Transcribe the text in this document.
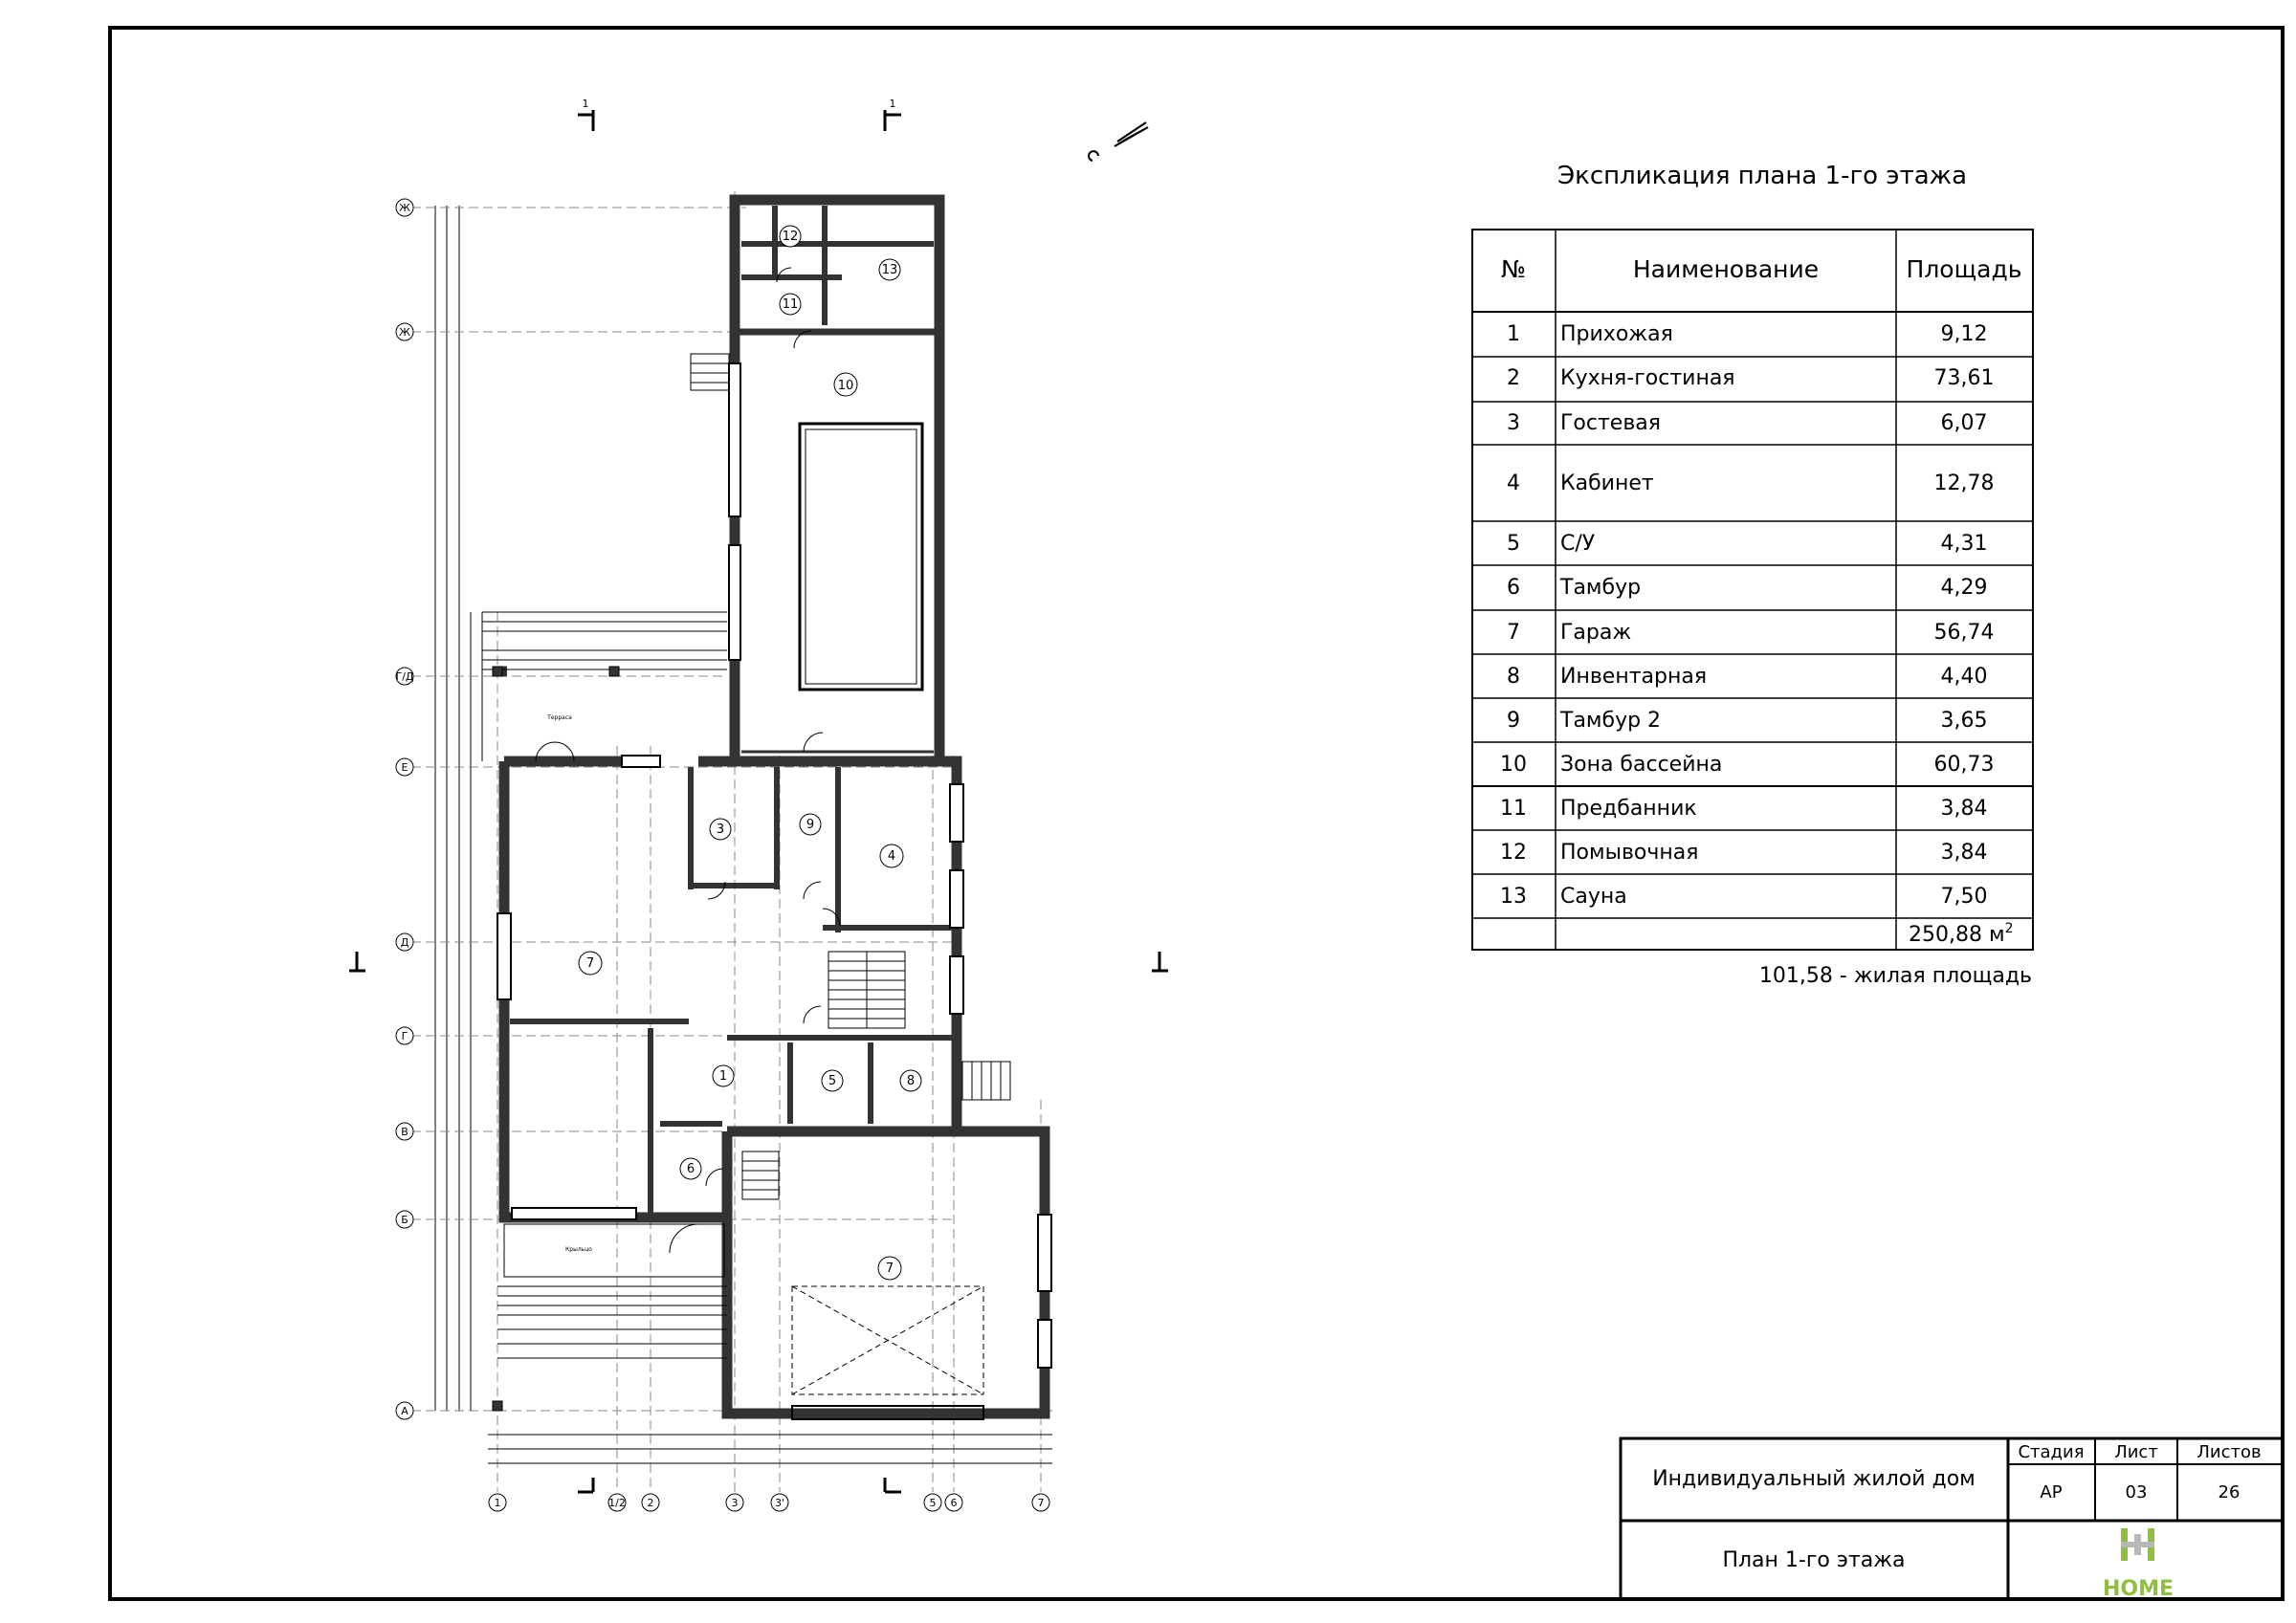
12
13
11
10
3	9
4
7
1	5	8
6
7
Терраса
Крыльцо
Ж
Ж
Г/Д
Е
Д
Г
В
Б
А
1	1/2 2	3	3'	5 6	7
1	1
Экспликация плана 1-го этажа
№	Наименование	Площадь
1 Прихожая	9,12
2 Кухня-гостиная	73,61
3 Гостевая	6,07
4 Кабинет	12,78
5 С/У	4,31
6 Тамбур	4,29
7 Гараж	56,74
8 Инвентарная	4,40
9 Тамбур 2	3,65
10 Зона бассейна	60,73
11 Предбанник	3,84
12 Помывочная	3,84
13 Сауна	7,50
250,88 $м^2$
101,58 - жилая площадь
Индивидуальный жилой дом
План 1-го этажа
Стадия Лист Листов
АР	03	26
HOME
